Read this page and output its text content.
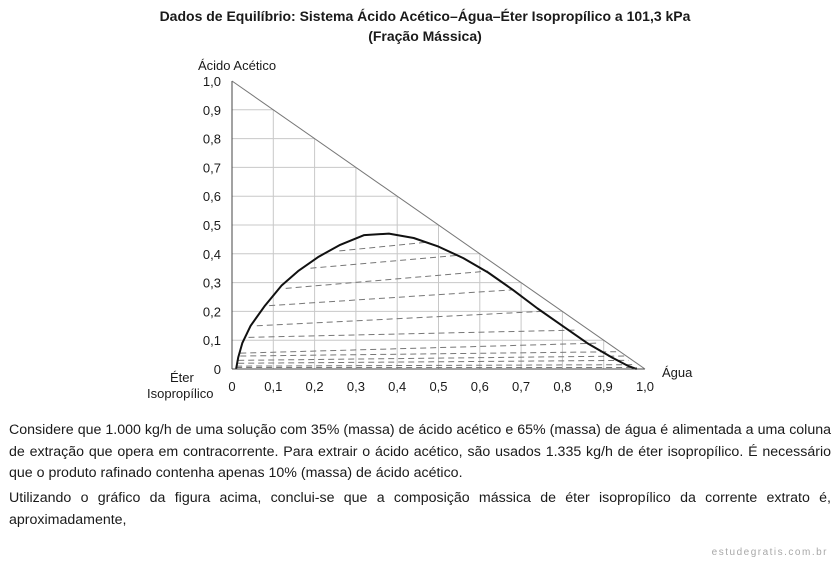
Dados de Equilíbrio: Sistema Ácido Acético–Água–Éter Isopropílico a 101,3 kPa
(Fração Mássica)
0 0,1 0,2 0,3 0,4 0,5 0,6 0,7 0,8 0,9 1,0
0
0,1
0,2
0,3
0,4
0,5
0,6
0,7
0,8
0,9
1,0
Ácido Acético
Água
Éter
Isopropílico

Considere que 1.000 kg/h de uma solução com 35% (massa) de ácido acético e 65% (massa) de água é alimentada a uma coluna de extração que opera em contracorrente. Para extrair o ácido acético, são usados 1.335 kg/h de éter isopropílico. É necessário que o produto rafinado contenha apenas 10% (massa) de ácido acético.

Utilizando o gráfico da figura acima, conclui-se que a composição mássica de éter isopropílico da corrente extrato é, aproximadamente,

estudegratis.com.br
